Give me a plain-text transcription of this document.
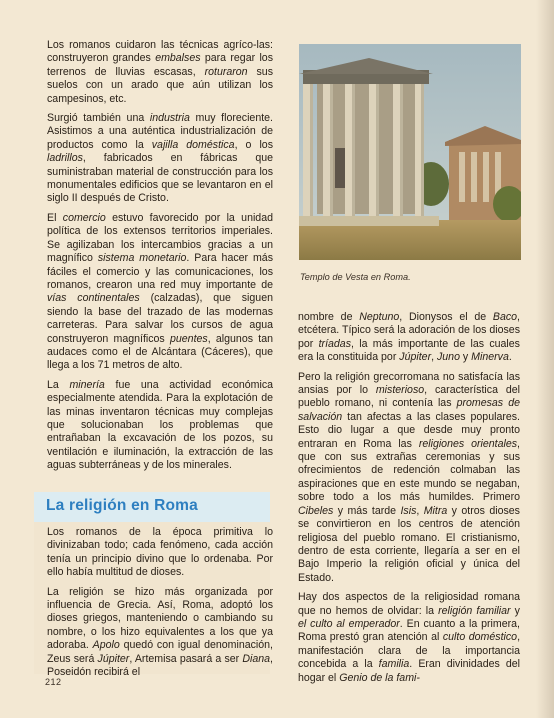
Los romanos cuidaron las técnicas agríco-las: construyeron grandes embalses para regar los terrenos de lluvias escasas, roturaron sus suelos con un arado que aún utilizan los campesinos, etc.

Surgió también una industria muy floreciente. Asistimos a una auténtica industrialización de productos como la vajilla doméstica, o los ladrillos, fabricados en fábricas que suministraban material de construcción para los monumentales edificios que se levantaron en el siglo II después de Cristo.

El comercio estuvo favorecido por la unidad política de los extensos territorios imperiales. Se agilizaban los intercambios gracias a un magnífico sistema monetario. Para hacer más fáciles el comercio y las comunicaciones, los romanos, crearon una red muy importante de vías continentales (calzadas), que siguen siendo la base del trazado de las modernas carreteras. Para salvar los cursos de agua construyeron magníficos puentes, algunos tan audaces como el de Alcántara (Cáceres), que llega a los 71 metros de alto.

La minería fue una actividad económica especialmente atendida. Para la explotación de las minas inventaron técnicas muy complejas que solucionaban los problemas que entrañaban la excavación de los pozos, su ventilación e iluminación, la extracción de las aguas subterráneas y de los minerales.

La religión en Roma

Los romanos de la época primitiva lo divinizaban todo; cada fenómeno, cada acción tenía un principio divino que lo ordenaba. Por ello había multitud de dioses.

La religión se hizo más organizada por influencia de Grecia. Así, Roma, adoptó los dioses griegos, manteniendo o cambiando su nombre, o los hizo equivalentes a los que ya adoraba. Apolo quedó con igual denominación, Zeus será Júpiter, Artemisa pasará a ser Diana, Poseidón recibirá el

Templo de Vesta en Roma.

nombre de Neptuno, Dionysos el de Baco, etcétera. Típico será la adoración de los dioses por tríadas, la más importante de las cuales era la constituida por Júpiter, Juno y Minerva.

Pero la religión grecorromana no satisfacía las ansias por lo misterioso, característica del pueblo romano, ni contenía las promesas de salvación tan afectas a las clases populares. Esto dio lugar a que desde muy pronto entraran en Roma las religiones orientales, que con sus extrañas ceremonias y sus ofrecimientos de redención colmaban las aspiraciones que en este mundo se negaban, sobre todo a los más humildes. Primero Cibeles y más tarde Isis, Mitra y otros dioses se convirtieron en los centros de atención religiosa del pueblo romano. El cristianismo, dentro de esta corriente, llegaría a ser en el Bajo Imperio la religión oficial y única del Estado.

Hay dos aspectos de la religiosidad romana que no hemos de olvidar: la religión familiar y el culto al emperador. En cuanto a la primera, Roma prestó gran atención al culto doméstico, manifestación clara de la importancia concebida a la familia. Eran divinidades del hogar el Genio de la fami-

212
